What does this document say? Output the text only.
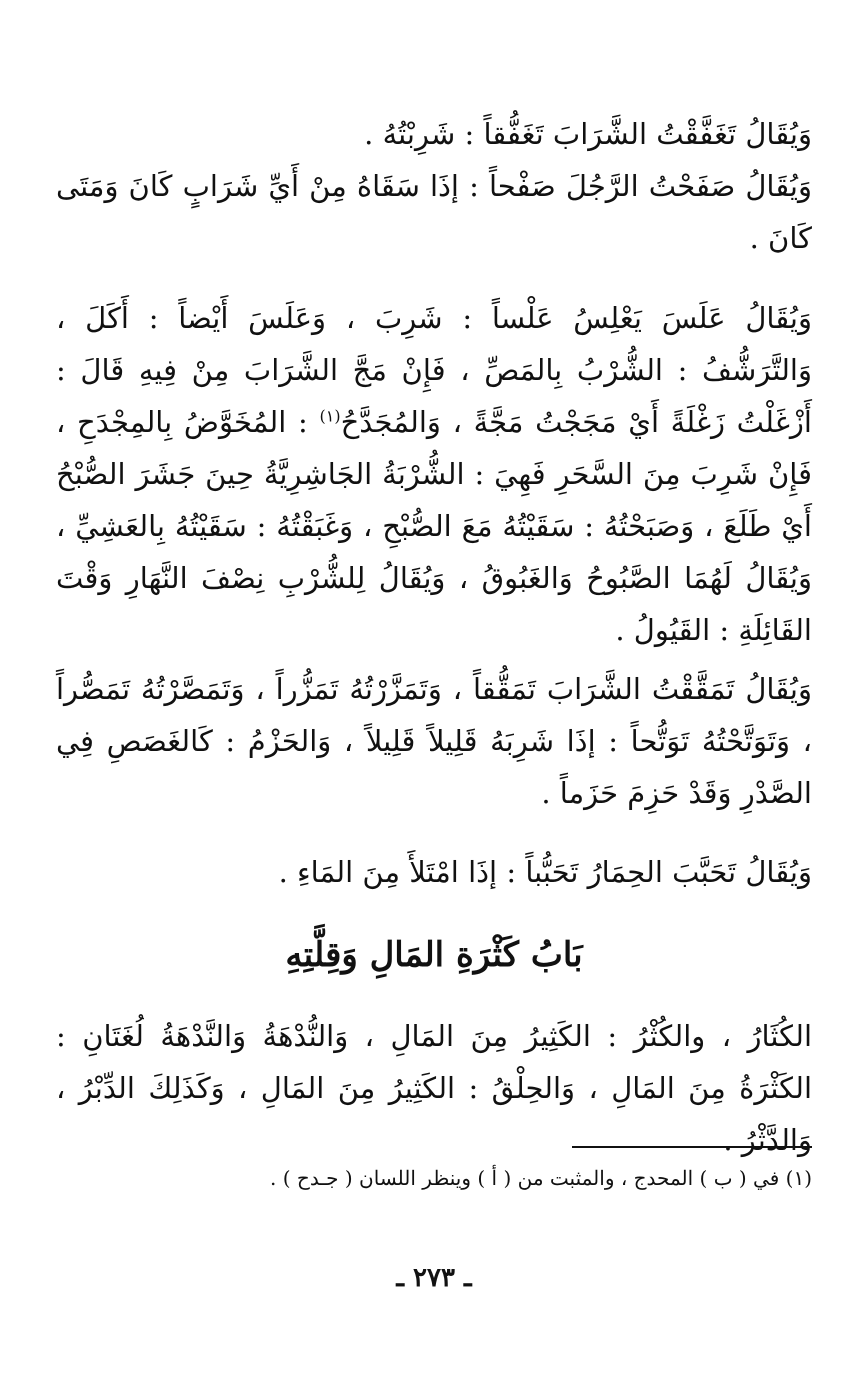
وَيُقَالُ تَغَفَّقْتُ الشَّرَابَ تَغَفُّقاً : شَرِبْتُهُ .

وَيُقَالُ صَفَحْتُ الرَّجُلَ صَفْحاً : إذَا سَقَاهُ مِنْ أَيِّ شَرَابٍ كَانَ وَمَتَى كَانَ .

وَيُقَالُ عَلَسَ يَعْلِسُ عَلْساً : شَرِبَ ، وَعَلَسَ أَيْضاً : أَكَلَ ، وَالتَّرَشُّفُ : الشُّرْبُ بِالمَصِّ ، فَإِنْ مَجَّ الشَّرَابَ مِنْ فِيهِ قَالَ : أَزْغَلْتُ زَغْلَةً أَيْ مَجَجْتُ مَجَّةً ، وَالمُجَدَّحُ$^{(١)}$ : المُخَوَّضُ بِالمِجْدَحِ ، فَإِنْ شَرِبَ مِنَ السَّحَرِ فَهِيَ : الشُّرْبَةُ الجَاشِرِيَّةُ حِينَ جَشَرَ الصُّبْحُ أَيْ طَلَعَ ، وَصَبَحْتُهُ : سَقَيْتُهُ مَعَ الصُّبْحِ ، وَغَبَقْتُهُ : سَقَيْتُهُ بِالعَشِيِّ ، وَيُقَالُ لَهُمَا الصَّبُوحُ وَالغَبُوقُ ، وَيُقَالُ لِلشُّرْبِ نِصْفَ النَّهَارِ وَقْتَ القَائِلَةِ : القَيُولُ .

وَيُقَالُ تَمَقَّقْتُ الشَّرَابَ تَمَقُّقاً ، وَتَمَزَّرْتُهُ تَمَزُّراً ، وَتَمَصَّرْتُهُ تَمَصُّراً ، وَتَوَتَّحْتُهُ تَوَتُّحاً : إذَا شَرِبَهُ قَلِيلاً قَلِيلاً ، وَالحَزْمُ : كَالغَصَصِ فِي الصَّدْرِ وَقَدْ حَزِمَ حَزَماً .

وَيُقَالُ تَحَبَّبَ الحِمَارُ تَحَبُّباً : إذَا امْتَلأَ مِنَ المَاءِ .

بَابُ كَثْرَةِ المَالِ وَقِلَّتِهِ

الكُثَارُ ، والكُثْرُ : الكَثِيرُ مِنَ المَالِ ، وَالنُّدْهَةُ وَالنَّدْهَةُ لُغَتَانِ : الكَثْرَةُ مِنَ المَالِ ، وَالحِلْقُ : الكَثِيرُ مِنَ المَالِ ، وَكَذَلِكَ الدِّبْرُ ، وَالدَّثْرُ .

(١) في ( ب ) المحدج ، والمثبت من ( أ ) وينظر اللسان ( جـدح ) .

ـ ٢٧٣ ـ
